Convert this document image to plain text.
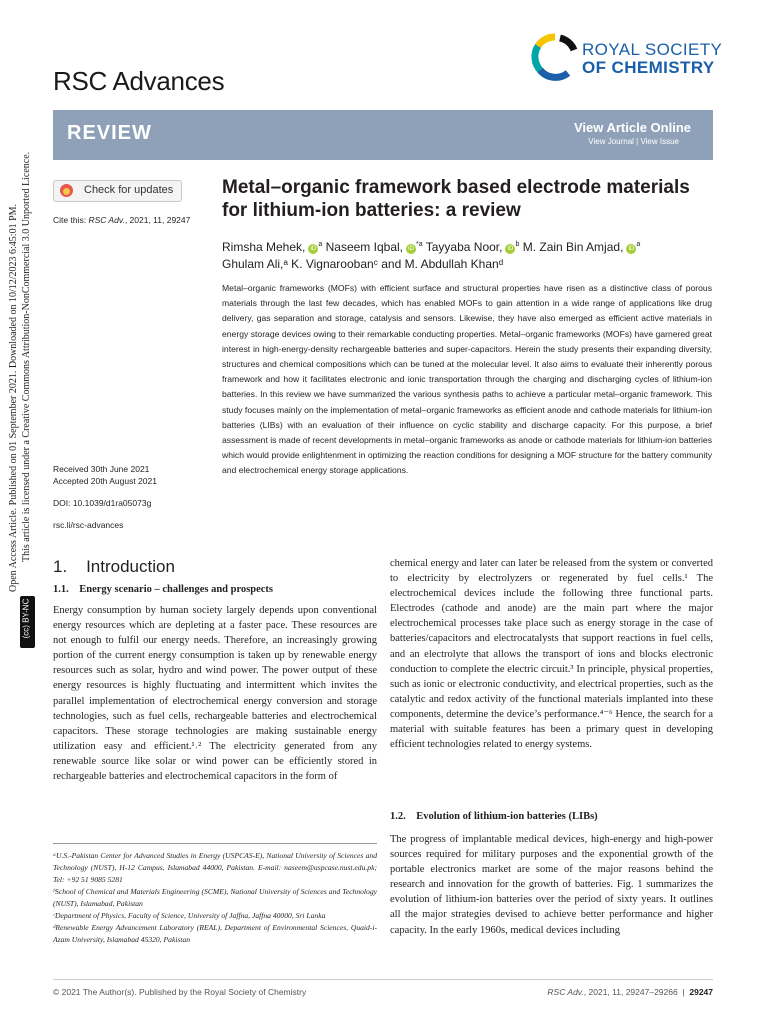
RSC Advances
ROYAL SOCIETY
OF CHEMISTRY
REVIEW	View Article Online
View Journal | View Issue
Open Access Article. Published on 01 September 2021. Downloaded on 10/12/2023 6:45:01 PM. This article is licensed under a Creative Commons Attribution-NonCommercial 3.0 Unported Licence.
(cc) BY-NC
Check for updates
Cite this: RSC Adv., 2021, 11, 29247
Metal–organic framework based electrode materials for lithium-ion batteries: a review
Rimsha Mehek, $iD^a$ Naseem Iqbal, $iD^{*a}$ Tayyaba Noor, $iD^b$ M. Zain Bin Amjad, $iD^a$
Ghulam Ali,ᵃ K. Vignaroobanᶜ and M. Abdullah Khanᵈ
Metal–organic frameworks (MOFs) with efficient surface and structural properties have risen as a distinctive class of porous materials through the last few decades, which has enabled MOFs to gain attention in a wide range of applications like drug delivery, gas separation and storage, catalysis and sensors. Likewise, they have also emerged as efficient active materials in energy storage devices owing to their remarkable conducting properties. Metal–organic frameworks (MOFs) have garnered great interest in high-energy-density rechargeable batteries and super-capacitors. Herein the study presents their expanding diversity, structures and chemical compositions which can be tuned at the molecular level. It also aims to evaluate their inherently porous framework and how it facilitates electronic and ionic transportation through the charging and discharging cycles of lithium-ion batteries. In this review we have summarized the various synthesis paths to achieve a particular metal–organic framework. This study focuses mainly on the implementation of metal–organic frameworks as efficient anode and cathode materials for lithium-ion batteries (LIBs) with an evaluation of their influence on cyclic stability and discharge capacity. For this purpose, a brief assessment is made of recent developments in metal–organic frameworks as anode or cathode materials for lithium-ion batteries which would provide enlightenment in optimizing the reaction conditions for designing a MOF structure for the battery community and electrochemical energy storage applications.
Received 30th June 2021
Accepted 20th August 2021
DOI: 10.1039/d1ra05073g
rsc.li/rsc-advances
1.    Introduction
1.1.    Energy scenario – challenges and prospects
Energy consumption by human society largely depends upon conventional energy resources which are depleting at a faster pace. These resources are not enough to fulfil our energy needs. Therefore, an increasingly growing portion of the current energy consumption is taken up by renewable energy resources such as solar, hydro and wind power. The power output of these energy resources is highly fluctuating and intermittent which invites the parallel implementation of electrochemical energy conversion and storage technologies, such as fuel cells, rechargeable batteries and electrochemical capacitors. These storage technologies are making sustainable energy utilization easy and efficient.¹˒² The electricity generated from any renewable source like solar or wind power can be efficiently stored in rechargeable batteries and electrochemical capacitors in the form of
chemical energy and later can later be released from the system or converted to electricity by electrolyzers or regenerated by fuel cells.¹ The electrochemical devices include the following three functional parts. Electrodes (cathode and anode) are the main part where the major electrochemical processes take place such as energy storage in the case of batteries/capacitors and electrocatalysts that support reactions in fuel cells, and an electrolyte that allows the transport of ions and blocks electronic conduction to complete the electric circuit.³ In principle, physical properties, such as ionic or electronic conductivity, and electrical properties, such as the catalytic and redox activity of the functional materials implanted into these components, determine the device’s performance.⁴⁻⁶ Hence, the search for a material with suitable features has been a primary quest in developing efficient technologies related to energy systems.
1.2.    Evolution of lithium-ion batteries (LIBs)
The progress of implantable medical devices, high-energy and high-power sources required for military purposes and the exponential growth of the portable electronics market are some of the major reasons behind the research and innovation for the growth of batteries. Fig. 1 summarizes the evolution of lithium-ion batteries over the period of sixty years. It outlines all the major strategies devised to achieve better performance and higher capacity. In the early 1960s, medical devices including

ᵃU.S.-Pakistan Center for Advanced Studies in Energy (USPCAS-E), National University of Sciences and Technology (NUST), H-12 Campus, Islamabad 44000, Pakistan. E-mail: naseem@uspcase.nust.edu.pk; Tel: +92 51 9085 5281

ᵇSchool of Chemical and Materials Engineering (SCME), National University of Sciences and Technology (NUST), Islamabad, Pakistan

ᶜDepartment of Physics, Faculty of Science, University of Jaffna, Jaffna 40000, Sri Lanka

ᵈRenewable Energy Advancement Laboratory (REAL), Department of Environmental Sciences, Quaid-i-Azam University, Islamabad 45320, Pakistan

© 2021 The Author(s). Published by the Royal Society of Chemistry	RSC Adv., 2021, 11, 29247–29266  |  29247
